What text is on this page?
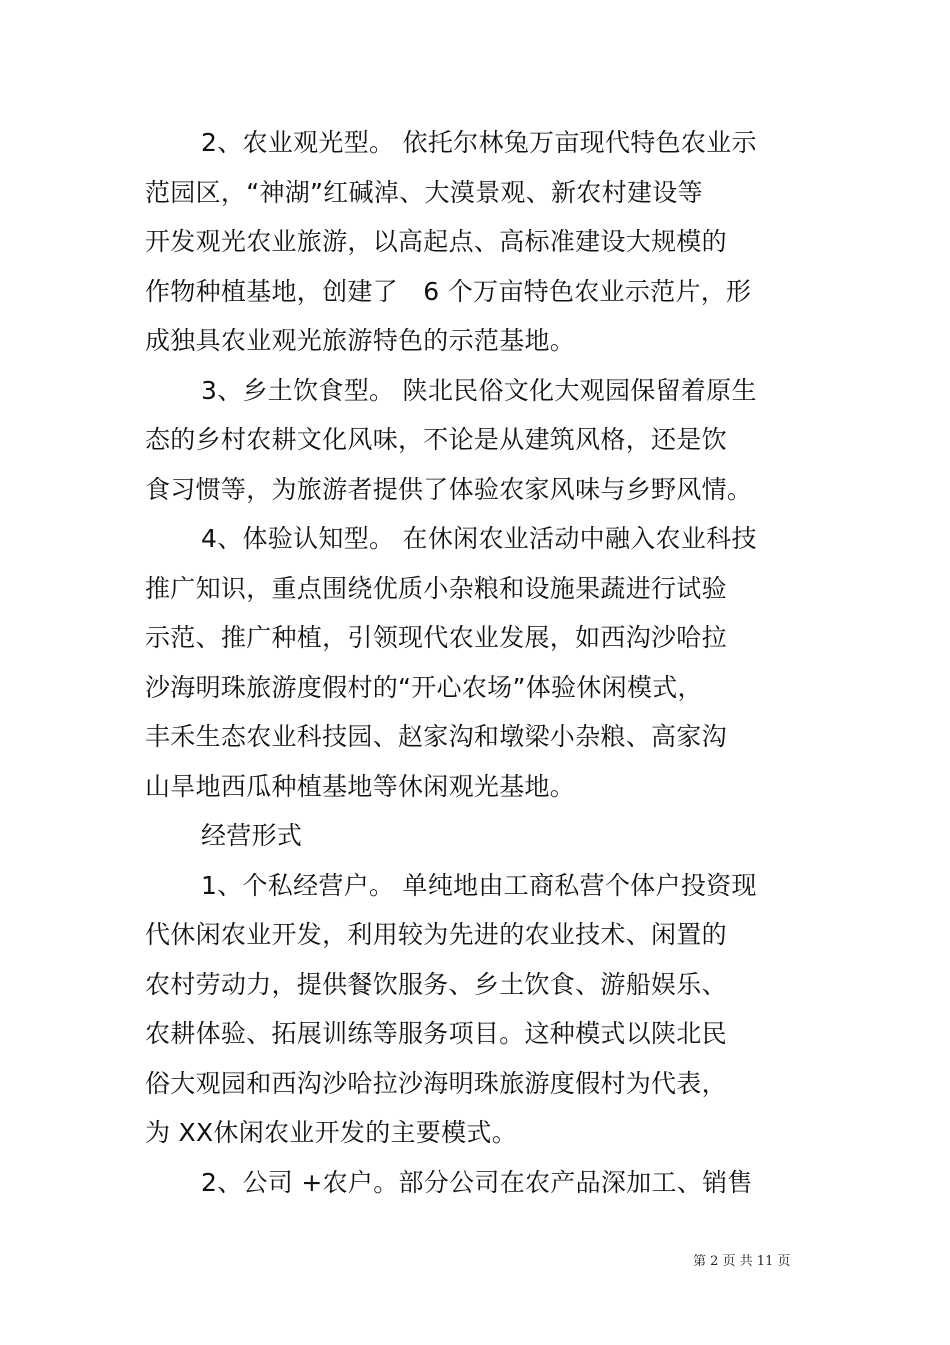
2、农业观光型。 依托尔林兔万亩现代特色农业示
范园区，“神湖”红碱淖、大漠景观、新农村建设等
开发观光农业旅游，以高起点、高标准建设大规模的
作物种植基地，创建了　6 个万亩特色农业示范片，形
成独具农业观光旅游特色的示范基地。
3、乡土饮食型。 陕北民俗文化大观园保留着原生
态的乡村农耕文化风味，不论是从建筑风格，还是饮
食习惯等，为旅游者提供了体验农家风味与乡野风情。
4、体验认知型。 在休闲农业活动中融入农业科技
推广知识，重点围绕优质小杂粮和设施果蔬进行试验
示范、推广种植，引领现代农业发展，如西沟沙哈拉
沙海明珠旅游度假村的“开心农场”体验休闲模式，
丰禾生态农业科技园、赵家沟和墩梁小杂粮、高家沟
山旱地西瓜种植基地等休闲观光基地。
经营形式
1、个私经营户。 单纯地由工商私营个体户投资现
代休闲农业开发，利用较为先进的农业技术、闲置的
农村劳动力，提供餐饮服务、乡土饮食、游船娱乐、
农耕体验、拓展训练等服务项目。这种模式以陕北民
俗大观园和西沟沙哈拉沙海明珠旅游度假村为代表，
为 XX休闲农业开发的主要模式。
2、公司 +农户。部分公司在农产品深加工、销售
第 2 页 共 11 页
